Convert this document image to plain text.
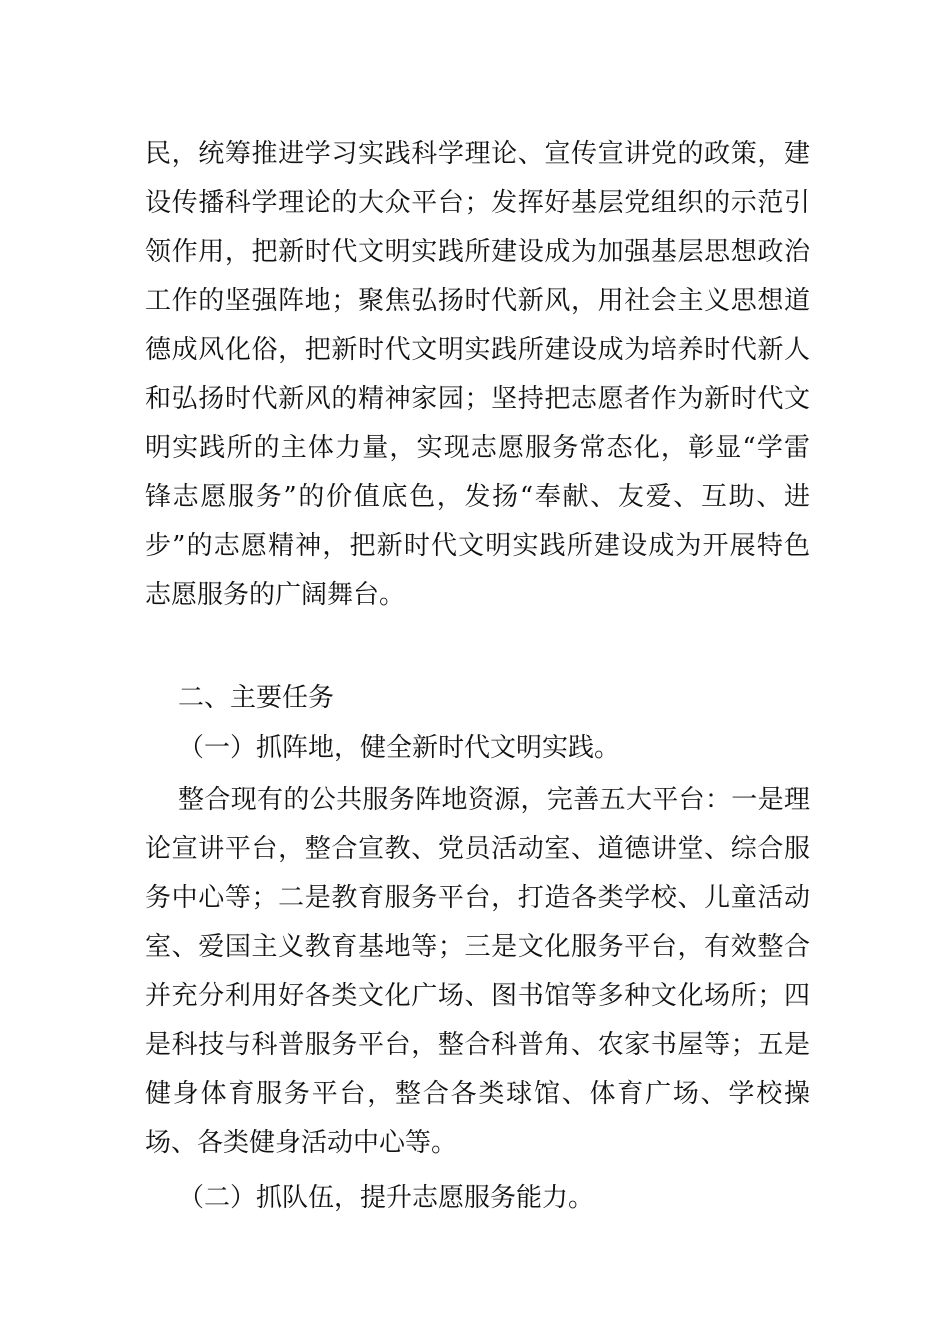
民，统筹推进学习实践科学理论、宣传宣讲党的政策，建
设传播科学理论的大众平台；发挥好基层党组织的示范引
领作用，把新时代文明实践所建设成为加强基层思想政治
工作的坚强阵地；聚焦弘扬时代新风，用社会主义思想道
德成风化俗，把新时代文明实践所建设成为培养时代新人
和弘扬时代新风的精神家园；坚持把志愿者作为新时代文
明实践所的主体力量，实现志愿服务常态化，彰显“学雷
锋志愿服务”的价值底色，发扬“奉献、友爱、互助、进
步”的志愿精神，把新时代文明实践所建设成为开展特色
志愿服务的广阔舞台。
二、主要任务
（一）抓阵地，健全新时代文明实践。
整合现有的公共服务阵地资源，完善五大平台：一是理
论宣讲平台，整合宣教、党员活动室、道德讲堂、综合服
务中心等；二是教育服务平台，打造各类学校、儿童活动
室、爱国主义教育基地等；三是文化服务平台，有效整合
并充分利用好各类文化广场、图书馆等多种文化场所；四
是科技与科普服务平台，整合科普角、农家书屋等；五是
健身体育服务平台，整合各类球馆、体育广场、学校操
场、各类健身活动中心等。
（二）抓队伍，提升志愿服务能力。
